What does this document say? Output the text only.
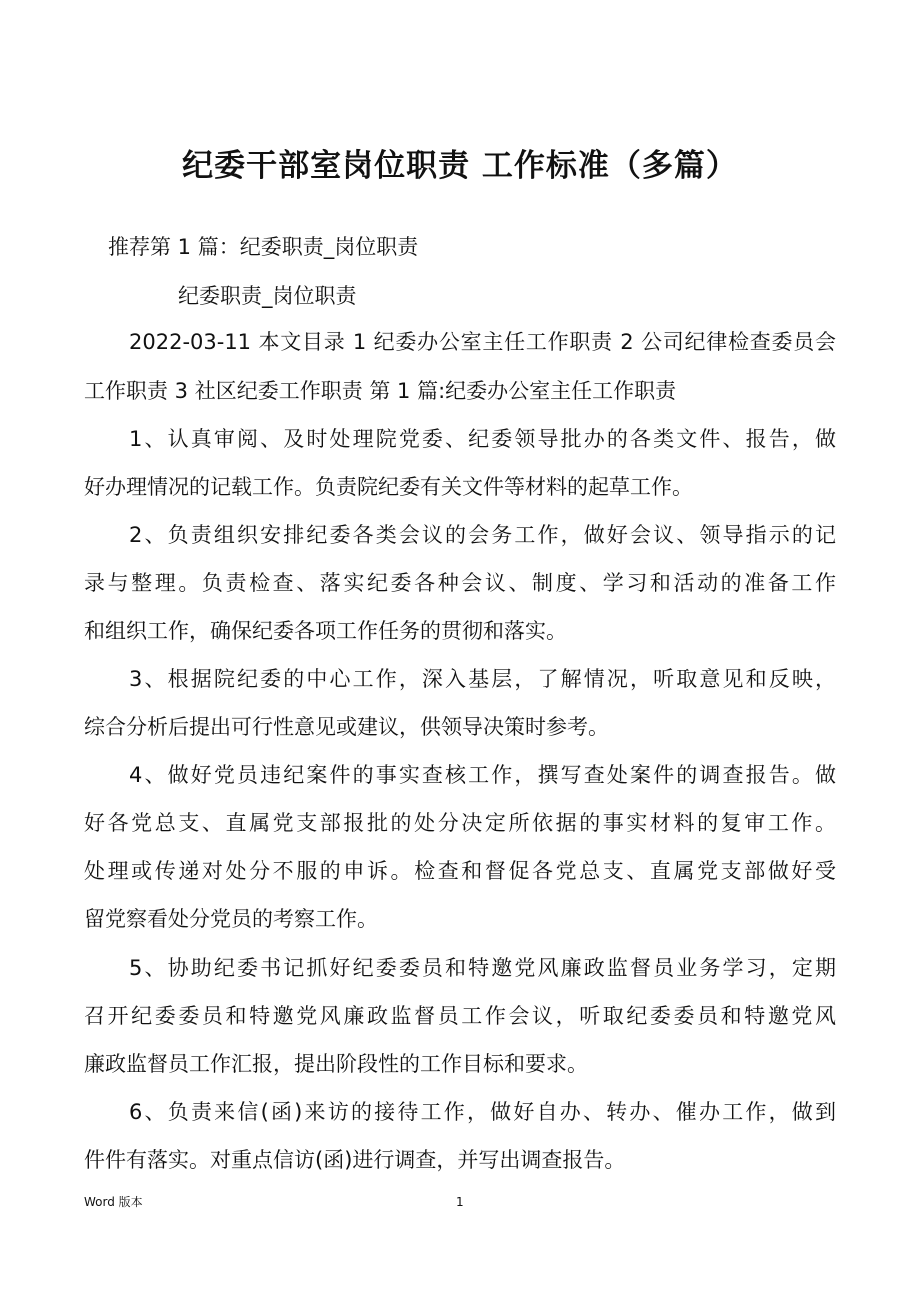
纪委干部室岗位职责 工作标准（多篇）
推荐第 1 篇：纪委职责_岗位职责
纪委职责_岗位职责
2022-03-11 本文目录 1 纪委办公室主任工作职责 2 公司纪律检查委员会
工作职责 3 社区纪委工作职责 第 1 篇:纪委办公室主任工作职责
1、认真审阅、及时处理院党委、纪委领导批办的各类文件、报告，做
好办理情况的记载工作。负责院纪委有关文件等材料的起草工作。
2、负责组织安排纪委各类会议的会务工作，做好会议、领导指示的记
录与整理。负责检查、落实纪委各种会议、制度、学习和活动的准备工作
和组织工作，确保纪委各项工作任务的贯彻和落实。
3、根据院纪委的中心工作，深入基层，了解情况，听取意见和反映，
综合分析后提出可行性意见或建议，供领导决策时参考。
4、做好党员违纪案件的事实查核工作，撰写查处案件的调查报告。做
好各党总支、直属党支部报批的处分决定所依据的事实材料的复审工作。
处理或传递对处分不服的申诉。检查和督促各党总支、直属党支部做好受
留党察看处分党员的考察工作。
5、协助纪委书记抓好纪委委员和特邀党风廉政监督员业务学习，定期
召开纪委委员和特邀党风廉政监督员工作会议，听取纪委委员和特邀党风
廉政监督员工作汇报，提出阶段性的工作目标和要求。
6、负责来信(函)来访的接待工作，做好自办、转办、催办工作，做到
件件有落实。对重点信访(函)进行调查，并写出调查报告。
Word 版本	1
